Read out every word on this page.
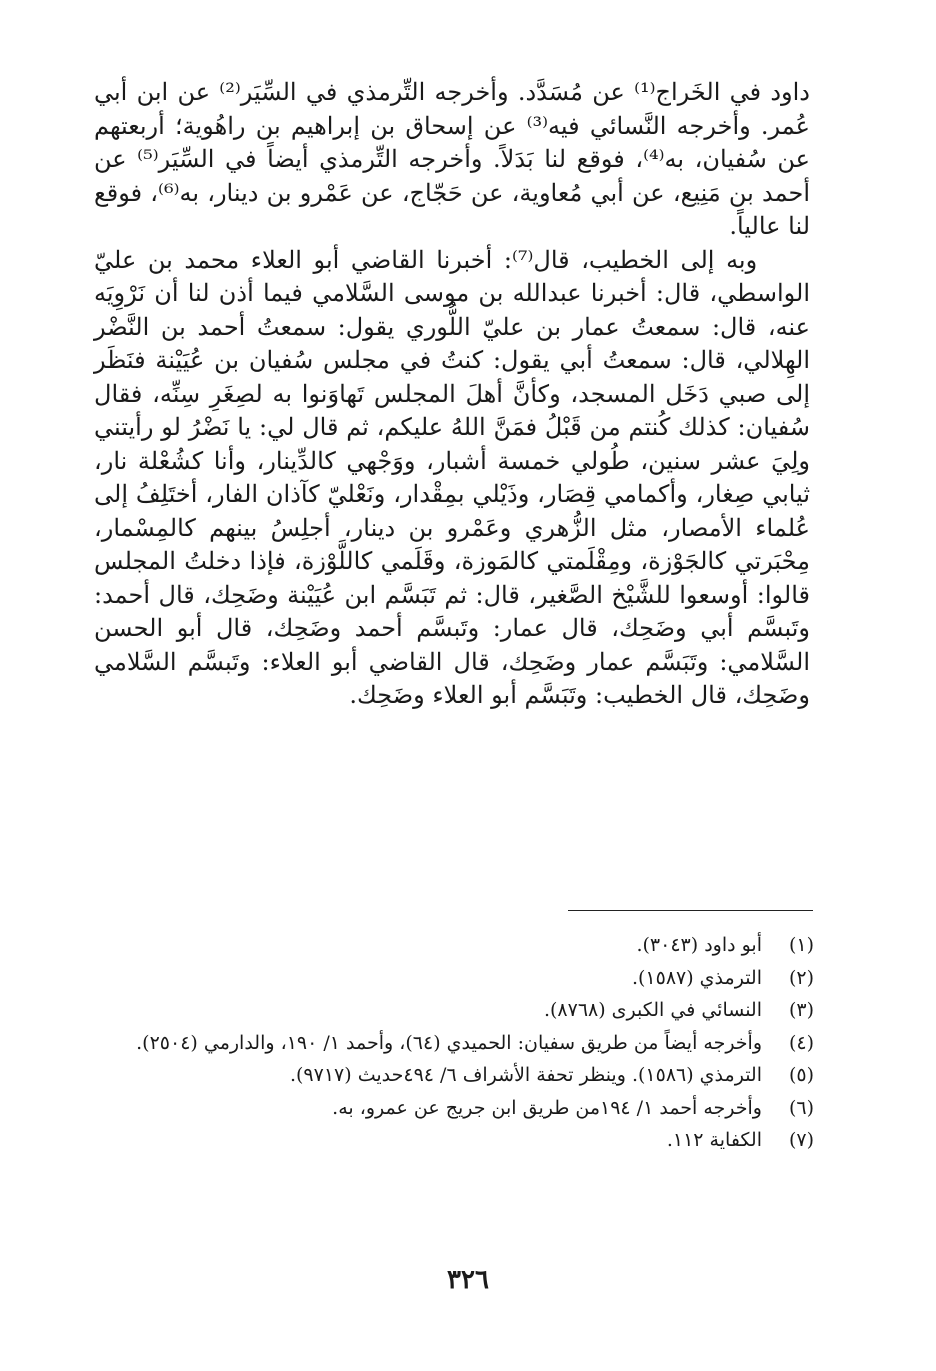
داود في الخَراج⁽¹⁾ عن مُسَدَّد. وأخرجه التِّرمذي في السِّيَر⁽²⁾ عن ابن أبي عُمر. وأخرجه النَّسائي فيه⁽³⁾ عن إسحاق بن إبراهيم بن راهُوية؛ أربعتهم عن سُفيان، به⁽⁴⁾، فوقع لنا بَدَلاً. وأخرجه التِّرمذي أيضاً في السِّيَر⁽⁵⁾ عن أحمد بن مَنِيع، عن أبي مُعاوية، عن حَجّاج، عن عَمْرو بن دينار، به⁽⁶⁾، فوقع لنا عالياً.

وبه إلى الخطيب، قال⁽⁷⁾: أخبرنا القاضي أبو العلاء محمد بن عليّ الواسطي، قال: أخبرنا عبدالله بن موسى السَّلامي فيما أذن لنا أن نَرْوِيَه عنه، قال: سمعتُ عمار بن عليّ اللُّوري يقول: سمعتُ أحمد بن النَّضْر الهِلالي، قال: سمعتُ أبي يقول: كنتُ في مجلس سُفيان بن عُيَيْنة فنَظَر إلى صبي دَخَل المسجد، وكأنَّ أهلَ المجلس تَهاوَنوا به لصِغَرِ سِنِّه، فقال سُفيان: كذلك كُنتم من قَبْلُ فمَنَّ اللهُ عليكم، ثم قال لي: يا نَضْرُ لو رأيتني ولِيَ عشر سنين، طُولي خمسة أشبار، ووَجْهي كالدِّينار، وأنا كشُعْلة نار، ثيابي صِغار، وأكمامي قِصَار، وذَيْلي بمِقْدار، ونَعْليّ كآذان الفار، أختَلِفُ إلى عُلماء الأمصار، مثل الزُّهري وعَمْرو بن دينار، أجلِسُ بينهم كالمِسْمار، مِحْبَرتي كالجَوْزة، ومِقْلَمتي كالمَوزة، وقَلَمي كاللَّوْزة، فإذا دخلتُ المجلس قالوا: أوسعوا للشَّيْخ الصَّغير، قال: ثم تَبَسَّم ابن عُيَيْنة وضَحِك، قال أحمد: وتَبسَّم أبي وضَحِك، قال عمار: وتَبسَّم أحمد وضَحِك، قال أبو الحسن السَّلامي: وتَبَسَّم عمار وضَحِك، قال القاضي أبو العلاء: وتَبسَّم السَّلامي وضَحِك، قال الخطيب: وتَبَسَّم أبو العلاء وضَحِك.

(١)
أبو داود (٣٠٤٣).
(٢)
الترمذي (١٥٨٧).
(٣)
النسائي في الكبرى (٨٧٦٨).
(٤)
وأخرجه أيضاً من طريق سفيان: الحميدي (٦٤)، وأحمد ١/ ١٩٠، والدارمي (٢٥٠٤).
(٥)
الترمذي (١٥٨٦). وينظر تحفة الأشراف ٦/ ٤٩٤حديث (٩٧١٧).
(٦)
وأخرجه أحمد ١/ ١٩٤من طريق ابن جريج عن عمرو، به.
(٧)
الكفاية ١١٢.
٣٢٦
